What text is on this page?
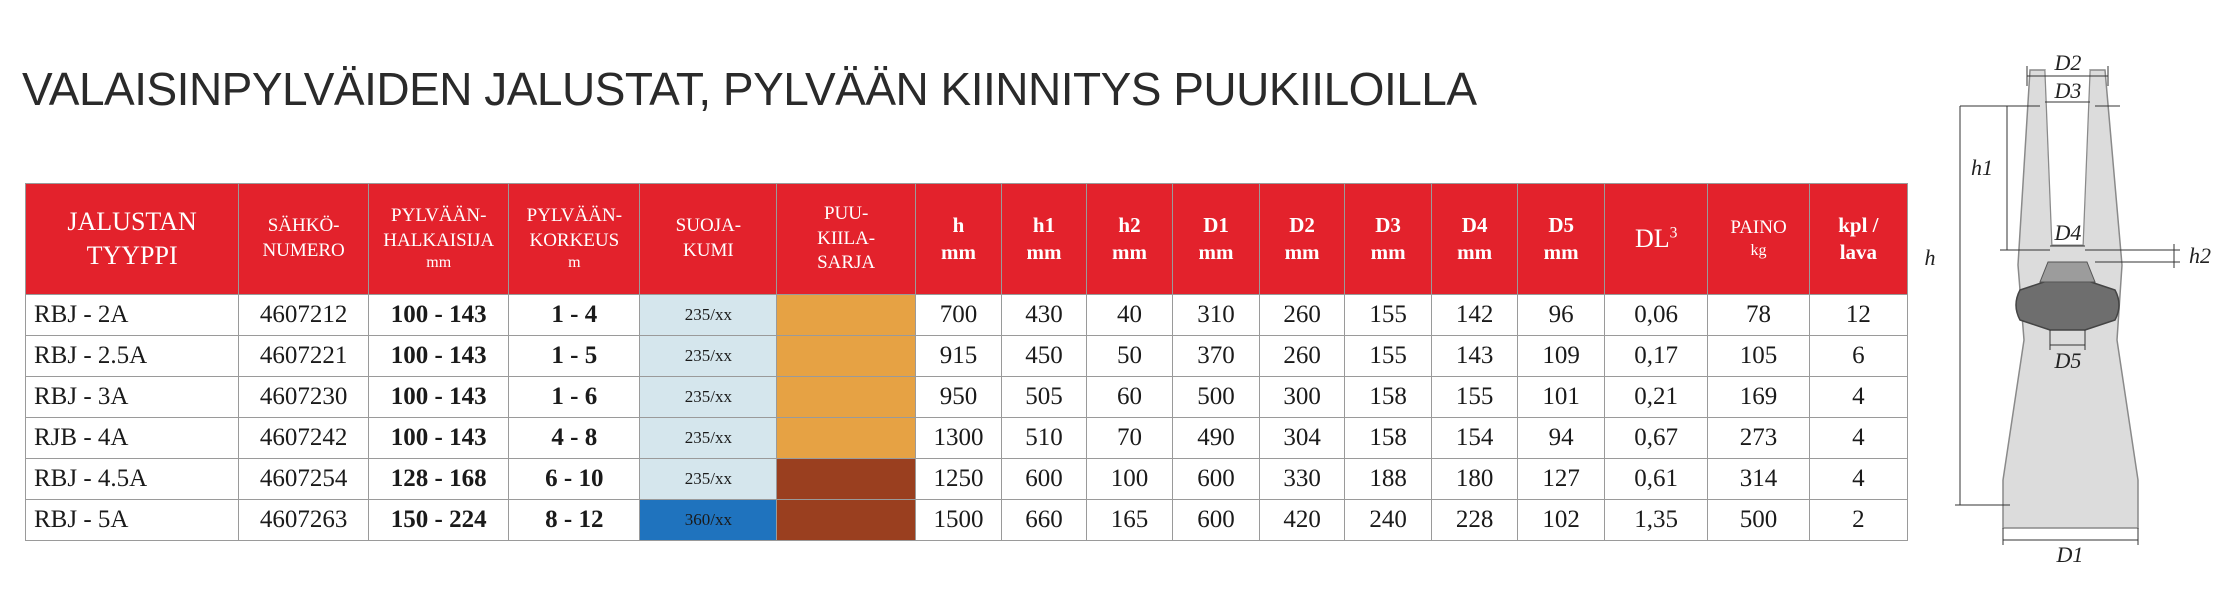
VALAISINPYLVÄIDEN JALUSTAT, PYLVÄÄN KIINNITYS PUUKIILOILLA
JALUSTAN
TYYPPI	SÄHKÖ-
NUMERO	PYLVÄÄN-
HALKAISIJA
mm	PYLVÄÄN-
KORKEUS
m	SUOJA-
KUMI	PUU-
KIILA-
SARJA	h
mm	h1
mm	h2
mm	D1
mm	D2
mm	D3
mm	D4
mm	D5
mm	$DL^3$	PAINO
kg	kpl /
lava

RBJ - 2A	4607212	100 - 143	1 - 4	235/xx		700	430	40	310	260	155	142	96	0,06	78	12
RBJ - 2.5A	4607221	100 - 143	1 - 5	235/xx		915	450	50	370	260	155	143	109	0,17	105	6
RBJ - 3A	4607230	100 - 143	1 - 6	235/xx		950	505	60	500	300	158	155	101	0,21	169	4
RJB - 4A	4607242	100 - 143	4 - 8	235/xx		1300	510	70	490	304	158	154	94	0,67	273	4
RBJ - 4.5A	4607254	128 - 168	6 - 10	235/xx		1250	600	100	600	330	188	180	127	0,61	314	4
RBJ - 5A	4607263	150 - 224	8 - 12	360/xx		1500	660	165	600	420	240	228	102	1,35	500	2
D2
D3
h1
D4
h2
h
D5
D1
